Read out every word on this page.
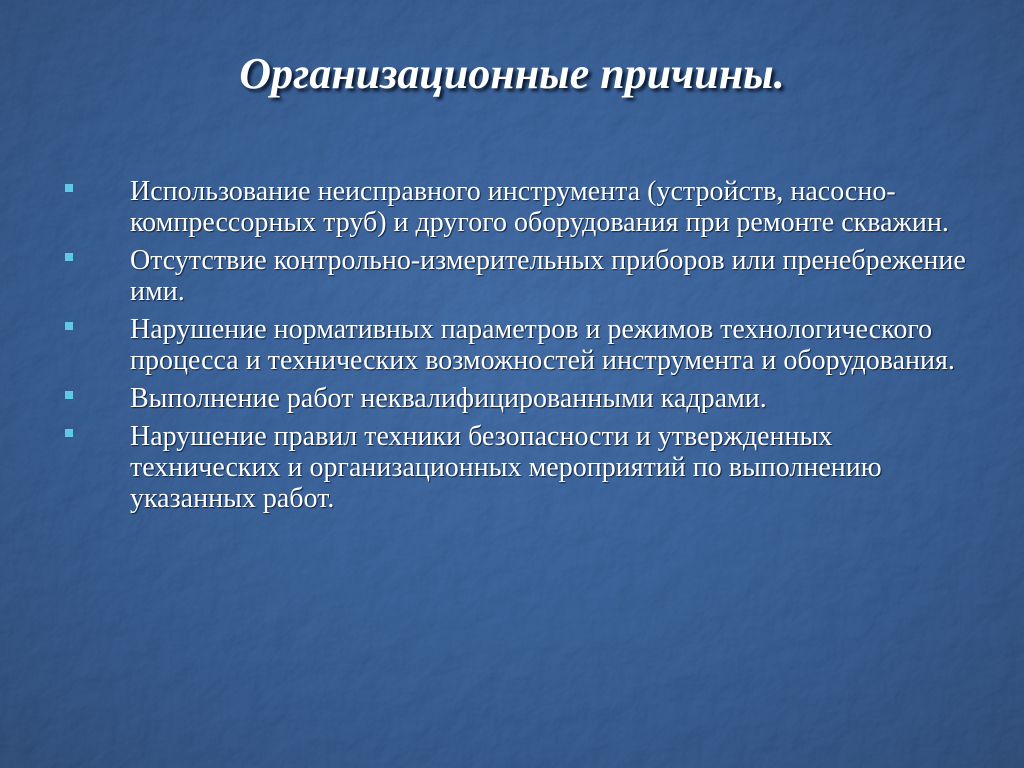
Организационные причины.
Использование неисправного инструмента (устройств, насосно-компрессорных труб) и другого оборудования при ремонте скважин.
Отсутствие контрольно-измерительных приборов или пренебрежение ими.
Нарушение нормативных параметров и режимов технологического процесса и технических возможностей инструмента и оборудования.
Выполнение работ неквалифицированными кадрами.
Нарушение правил техники безопасности и утвержденных технических и организационных мероприятий по выполнению указанных работ.
